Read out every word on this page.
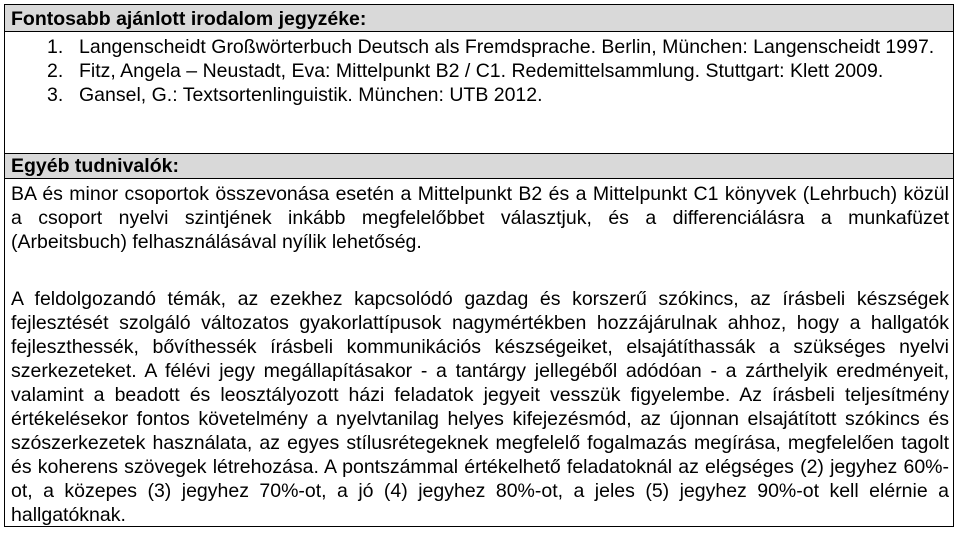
Fontosabb ajánlott irodalom jegyzéke:
1. Langenscheidt Großwörterbuch Deutsch als Fremdsprache. Berlin, München: Langenscheidt 1997.
2. Fitz, Angela – Neustadt, Eva: Mittelpunkt B2 / C1. Redemittelsammlung. Stuttgart: Klett 2009.
3. Gansel, G.: Textsortenlinguistik. München: UTB 2012.
Egyéb tudnivalók:

BA és minor csoportok összevonása esetén a Mittelpunkt B2 és a Mittelpunkt C1 könyvek (Lehrbuch) közül a csoport nyelvi szintjének inkább megfelelőbbet választjuk, és a differenciálásra a munkafüzet (Arbeitsbuch) felhasználásával nyílik lehetőség.

A feldolgozandó témák, az ezekhez kapcsolódó gazdag és korszerű szókincs, az írásbeli készségek fejlesztését szolgáló változatos gyakorlattípusok nagymértékben hozzájárulnak ahhoz, hogy a hallgatók fejleszthessék, bővíthessék írásbeli kommunikációs készségeiket, elsajátíthassák a szükséges nyelvi szerkezeteket. A félévi jegy megállapításakor - a tantárgy jellegéből adódóan - a zárthelyik eredményeit, valamint a beadott és leosztályozott házi feladatok jegyeit vesszük figyelembe. Az írásbeli teljesítmény értékelésekor fontos követelmény a nyelvtanilag helyes kifejezésmód, az újonnan elsajátított szókincs és szószerkezetek használata, az egyes stílusrétegeknek megfelelő fogalmazás megírása, megfelelően tagolt és koherens szövegek létrehozása. A pontszámmal értékelhető feladatoknál az elégséges (2) jegyhez 60%-ot, a közepes (3) jegyhez 70%-ot, a jó (4) jegyhez 80%-ot, a jeles (5) jegyhez 90%-ot kell elérnie a hallgatóknak.
